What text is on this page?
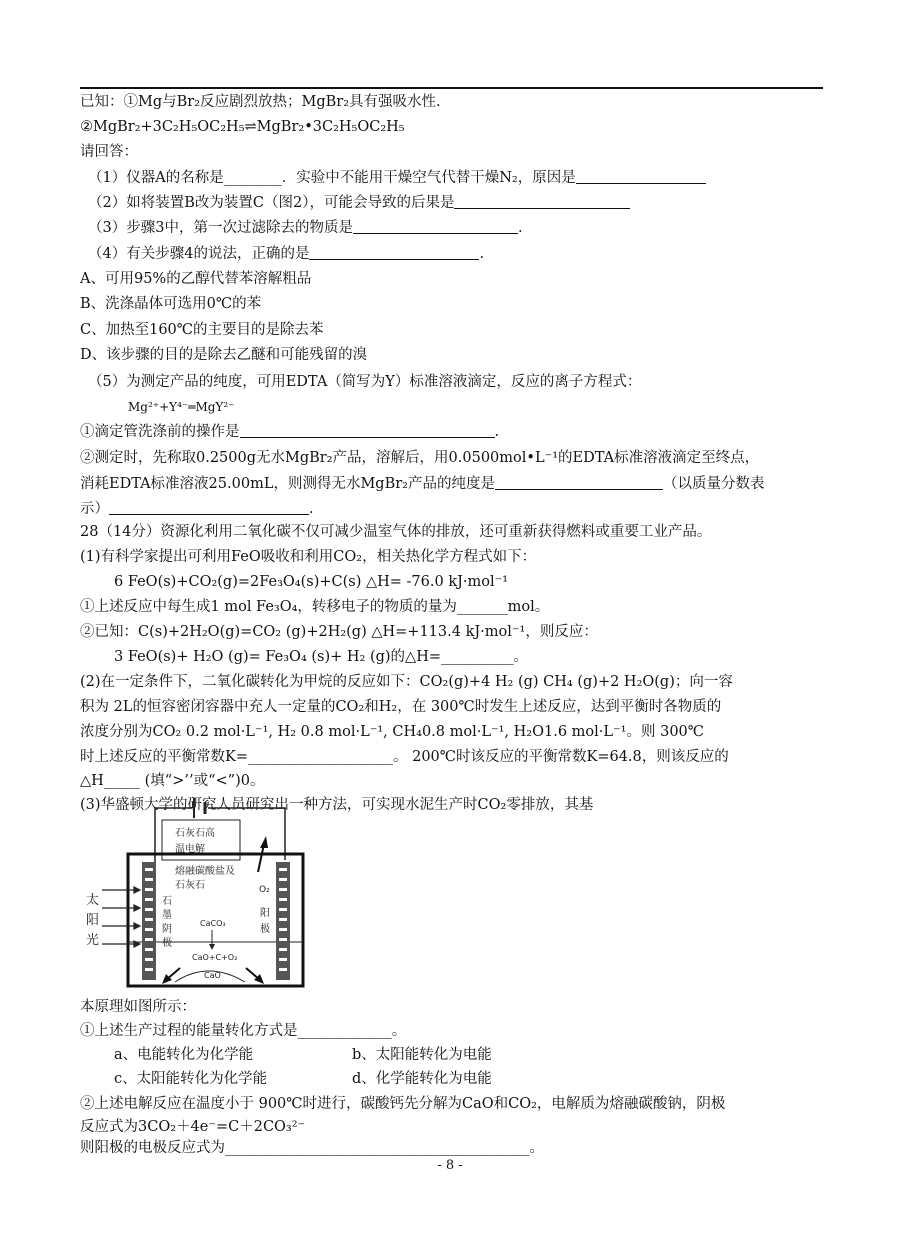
已知：①Mg与Br₂反应剧烈放热；MgBr₂具有强吸水性.
②MgBr₂+3C₂H₅OC₂H₅⇌MgBr₂•3C₂H₅OC₂H₅
请回答：
（1）仪器A的名称是________．实验中不能用干燥空气代替干燥N₂，原因是
（2）如将装置B改为装置C（图2），可能会导致的后果是
（3）步骤3中，第一次过滤除去的物质是	.
（4）有关步骤4的说法，正确的是	.
A、可用95%的乙醇代替苯溶解粗品
B、洗涤晶体可选用0℃的苯
C、加热至160℃的主要目的是除去苯
D、该步骤的目的是除去乙醚和可能残留的溴
（5）为测定产品的纯度，可用EDTA（简写为Y）标准溶液滴定，反应的离子方程式：
Mg²⁺+Y⁴⁻═MgY²⁻
①滴定管洗涤前的操作是	.
②测定时，先称取0.2500g无水MgBr₂产品，溶解后，用0.0500mol•L⁻¹的EDTA标准溶液滴定至终点，
消耗EDTA标准溶液25.00mL，则测得无水MgBr₂产品的纯度是	（以质量分数表
示）	.
28（14分）资源化利用二氧化碳不仅可减少温室气体的排放，还可重新获得燃料或重要工业产品。
(1)有科学家提出可利用FeO吸收和利用CO₂，相关热化学方程式如下：
6 FeO(s)+CO₂(g)=2Fe₃O₄(s)+C(s) △H= -76.0 kJ·mol⁻¹
①上述反应中每生成1 mol Fe₃O₄，转移电子的物质的量为_______mol。
②已知：C(s)+2H₂O(g)=CO₂ (g)+2H₂(g) △H=+113.4 kJ·mol⁻¹，则反应：
3 FeO(s)+ H₂O (g)= Fe₃O₄ (s)+ H₂ (g)的△H=__________。
(2)在一定条件下，二氧化碳转化为甲烷的反应如下：CO₂(g)+4 H₂ (g) CH₄ (g)+2 H₂O(g)；向一容
积为 2L的恒容密闭容器中充人一定量的CO₂和H₂，在 300℃时发生上述反应，达到平衡时各物质的
浓度分别为CO₂ 0.2 mol·L⁻¹, H₂ 0.8 mol·L⁻¹, CH₄0.8 mol·L⁻¹, H₂O1.6 mol·L⁻¹。则 300℃
时上述反应的平衡常数K=____________________。 200℃时该反应的平衡常数K=64.8，则该反应的
△H_____ (填“>’’或“<”)0。
(3)华盛顿大学的研究人员研究出一种方法，可实现水泥生产时CO₂零排放，其基
石灰石高
温电解
熔融碳酸盐及
石灰石	O₂
太
阳
光
石
墨
阴
极
阳
极
CaCO₃
CaO+C+O₂
CaO
本原理如图所示：
①上述生产过程的能量转化方式是_____________。
a、电能转化为化学能	b、太阳能转化为电能
c、太阳能转化为化学能	d、化学能转化为电能
②上述电解反应在温度小于 900℃时进行，碳酸钙先分解为CaO和CO₂，电解质为熔融碳酸钠，阴极
反应式为3CO₂＋4e⁻=C＋2CO₃²⁻
则阳极的电极反应式为__________________________________________。
- 8 -
